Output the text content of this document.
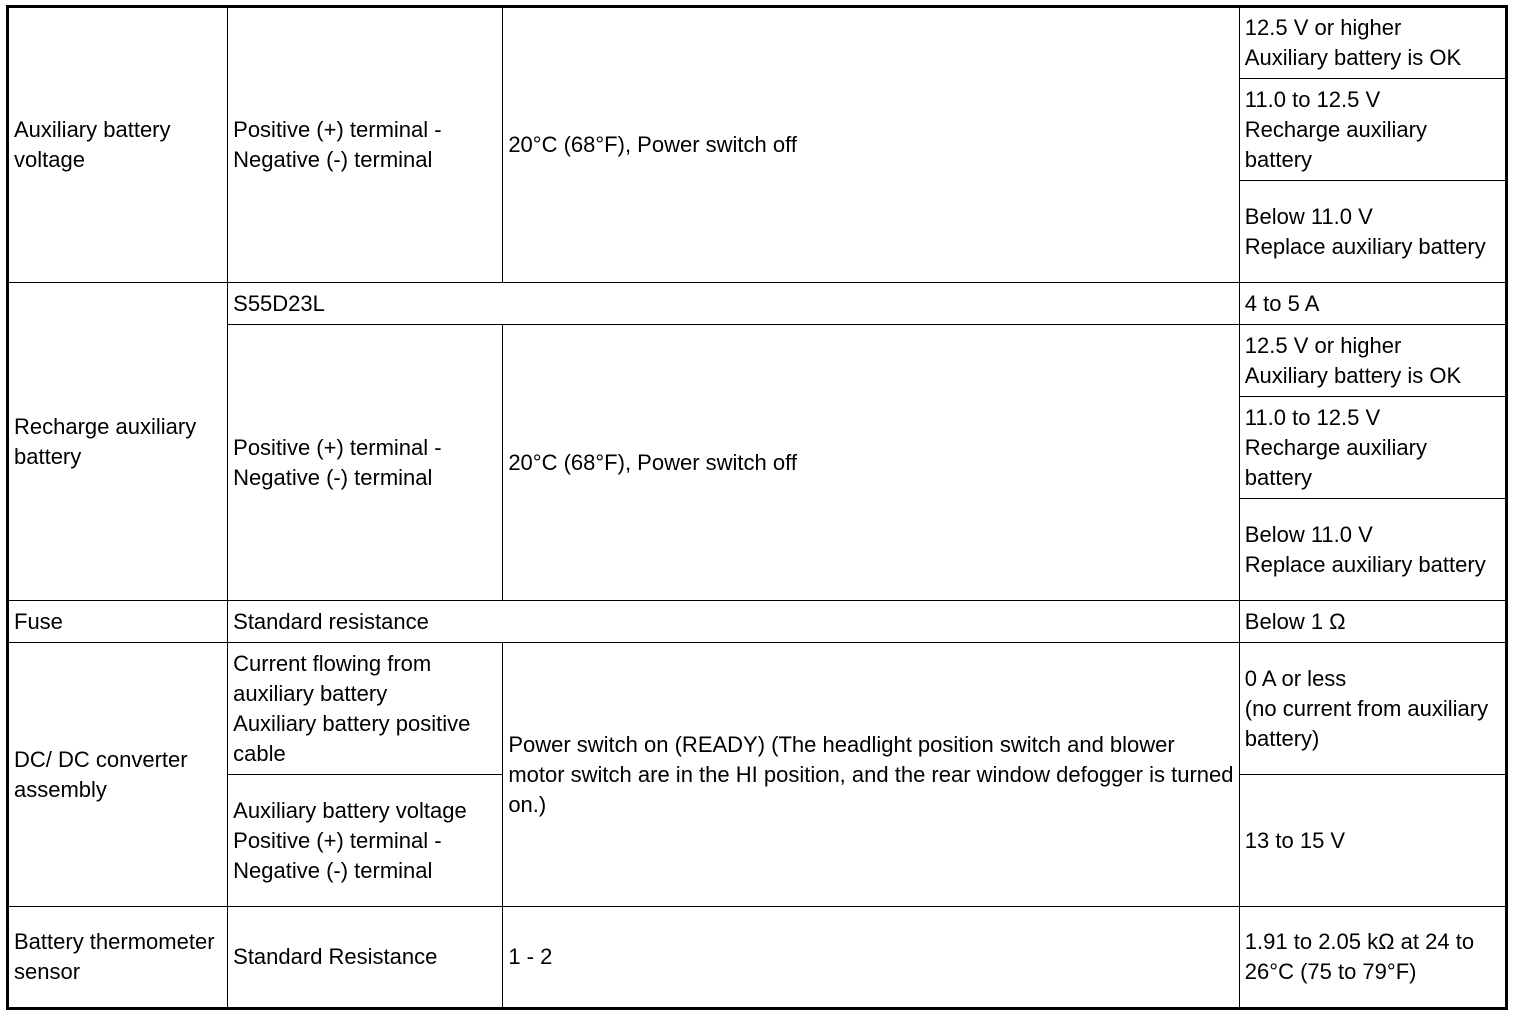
Auxiliary battery voltage	Positive (+) terminal -
Negative (-) terminal	20°C (68°F), Power switch off	12.5 V or higher
Auxiliary battery is OK
			11.0 to 12.5 V
Recharge auxiliary battery
			Below 11.0 V
Replace auxiliary battery
Recharge auxiliary battery	S55D23L		4 to 5 A
	Positive (+) terminal -
Negative (-) terminal	20°C (68°F), Power switch off	12.5 V or higher
Auxiliary battery is OK
			11.0 to 12.5 V
Recharge auxiliary battery
			Below 11.0 V
Replace auxiliary battery
Fuse	Standard resistance		Below 1 Ω
DC/ DC converter assembly	Current flowing from auxiliary battery
Auxiliary battery positive cable	Power switch on (READY) (The headlight position switch and blower motor switch are in the HI position, and the rear window defogger is turned on.)	0 A or less
(no current from auxiliary battery)
	Auxiliary battery voltage
Positive (+) terminal -
Negative (-) terminal		13 to 15 V
Battery thermometer sensor	Standard Resistance	1 - 2	1.91 to 2.05 kΩ at 24 to 26°C (75 to 79°F)
